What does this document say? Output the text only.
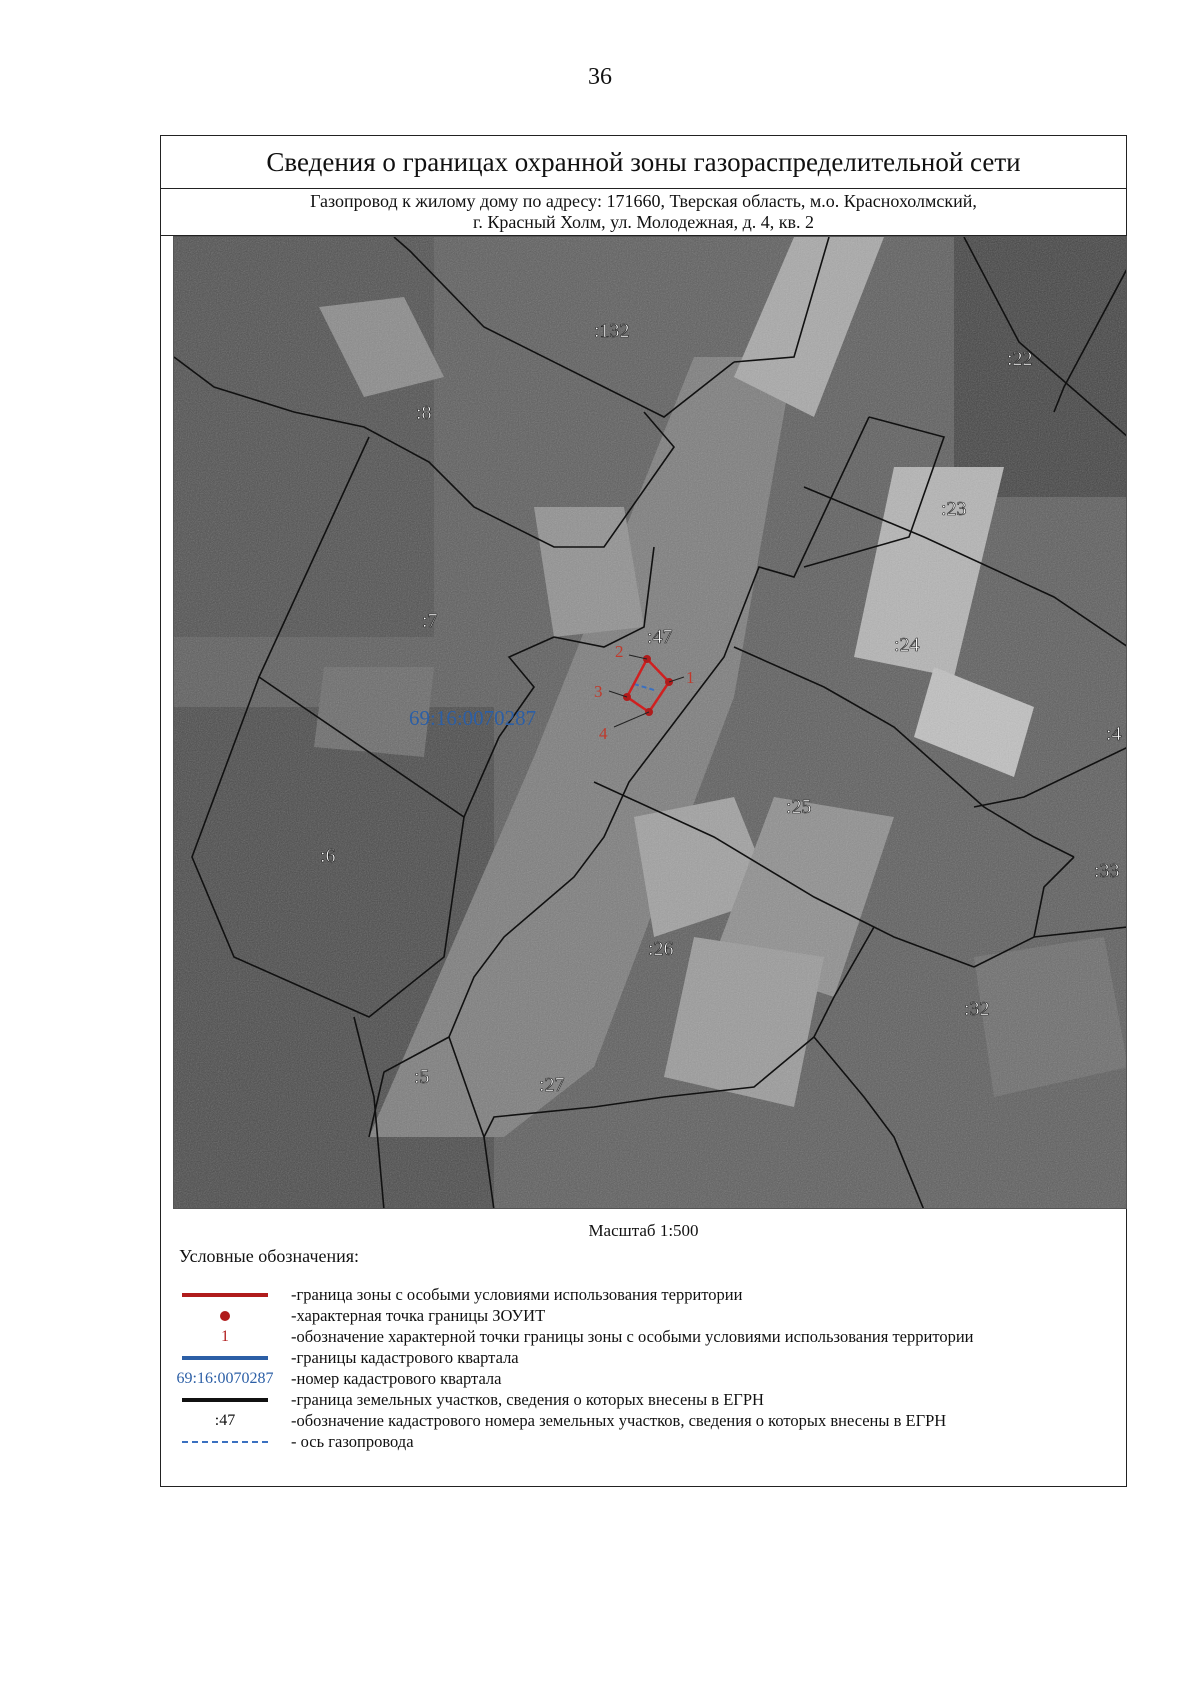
36
Сведения о границах охранной зоны газораспределительной сети
Газопровод к жилому дому по адресу: 171660, Тверская область, м.о. Краснохолмский,
г. Красный Холм, ул. Молодежная, д. 4, кв. 2
1
2
3
4
69:16:0070287
:132
:22
:8
:23
:7
:47	:24
:4
:25
:6
:33
:26
:32
:5	:27
Масштаб 1:500
Условные обозначения:
-граница зоны с особыми условиями использования территории
-характерная точка границы ЗОУИТ
1	-обозначение характерной точки границы зоны с особыми условиями использования территории
-границы кадастрового квартала
69:16:0070287 -номер кадастрового квартала
-граница земельных участков, сведения о которых внесены в ЕГРН
:47	-обозначение кадастрового номера земельных участков, сведения о которых внесены в ЕГРН
- ось газопровода
